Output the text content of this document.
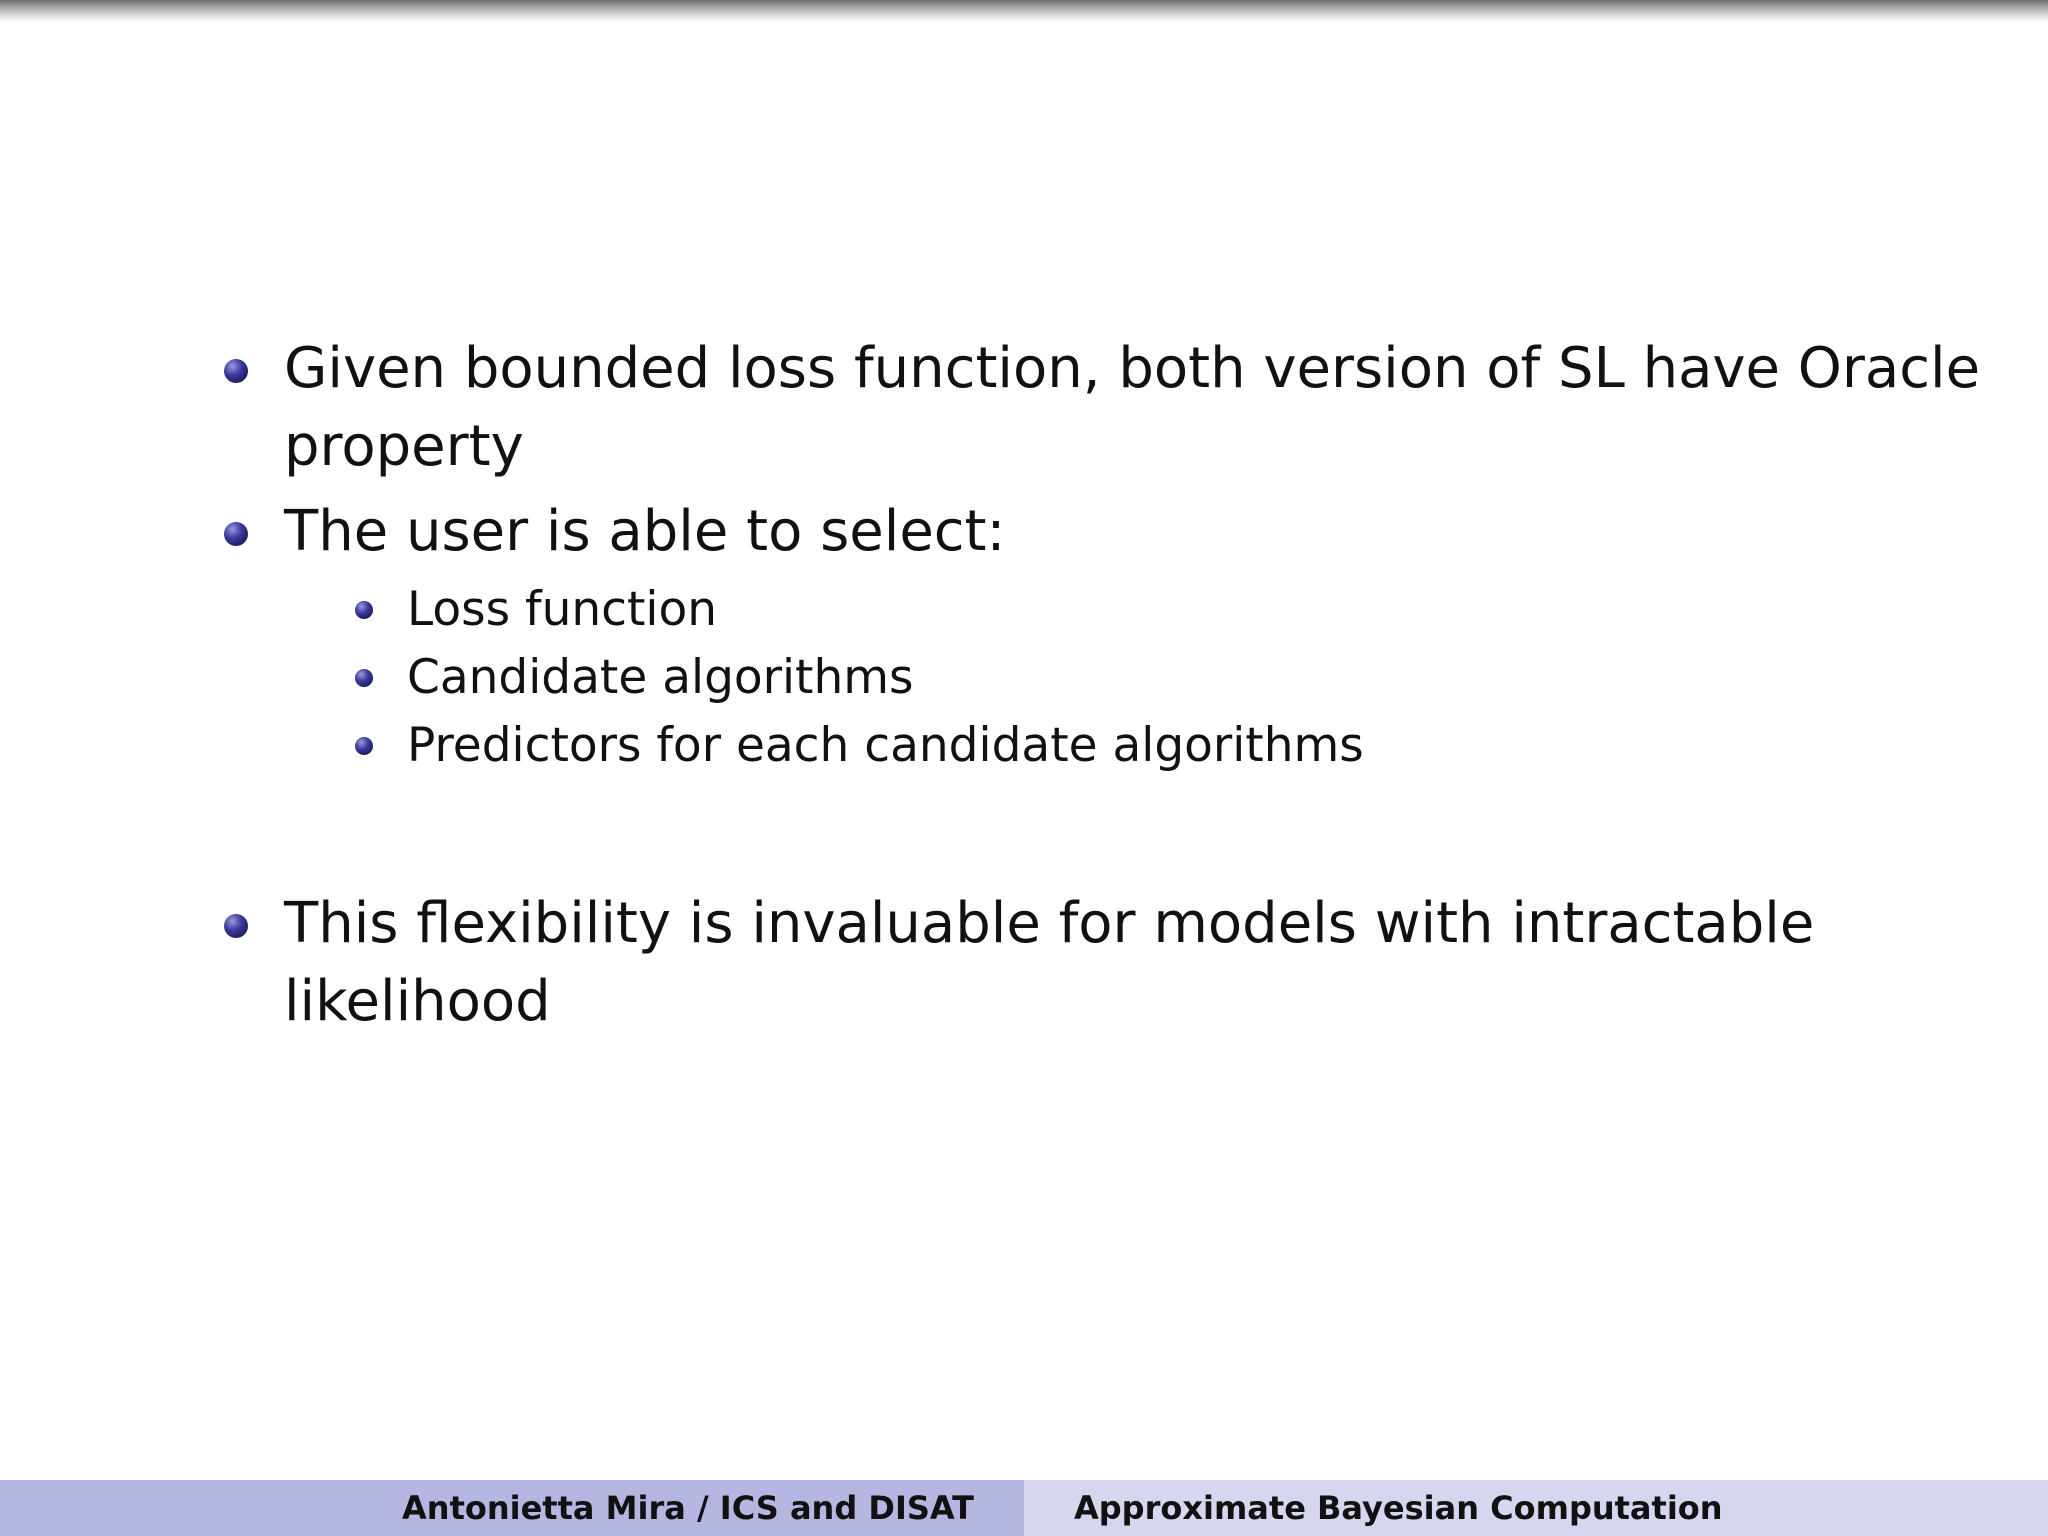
Given bounded loss function, both version of SL have Oracle
property
The user is able to select:
Loss function
Candidate algorithms
Predictors for each candidate algorithms
This flexibility is invaluable for models with intractable
likelihood
Antonietta Mira / ICS and DISAT	Approximate Bayesian Computation
